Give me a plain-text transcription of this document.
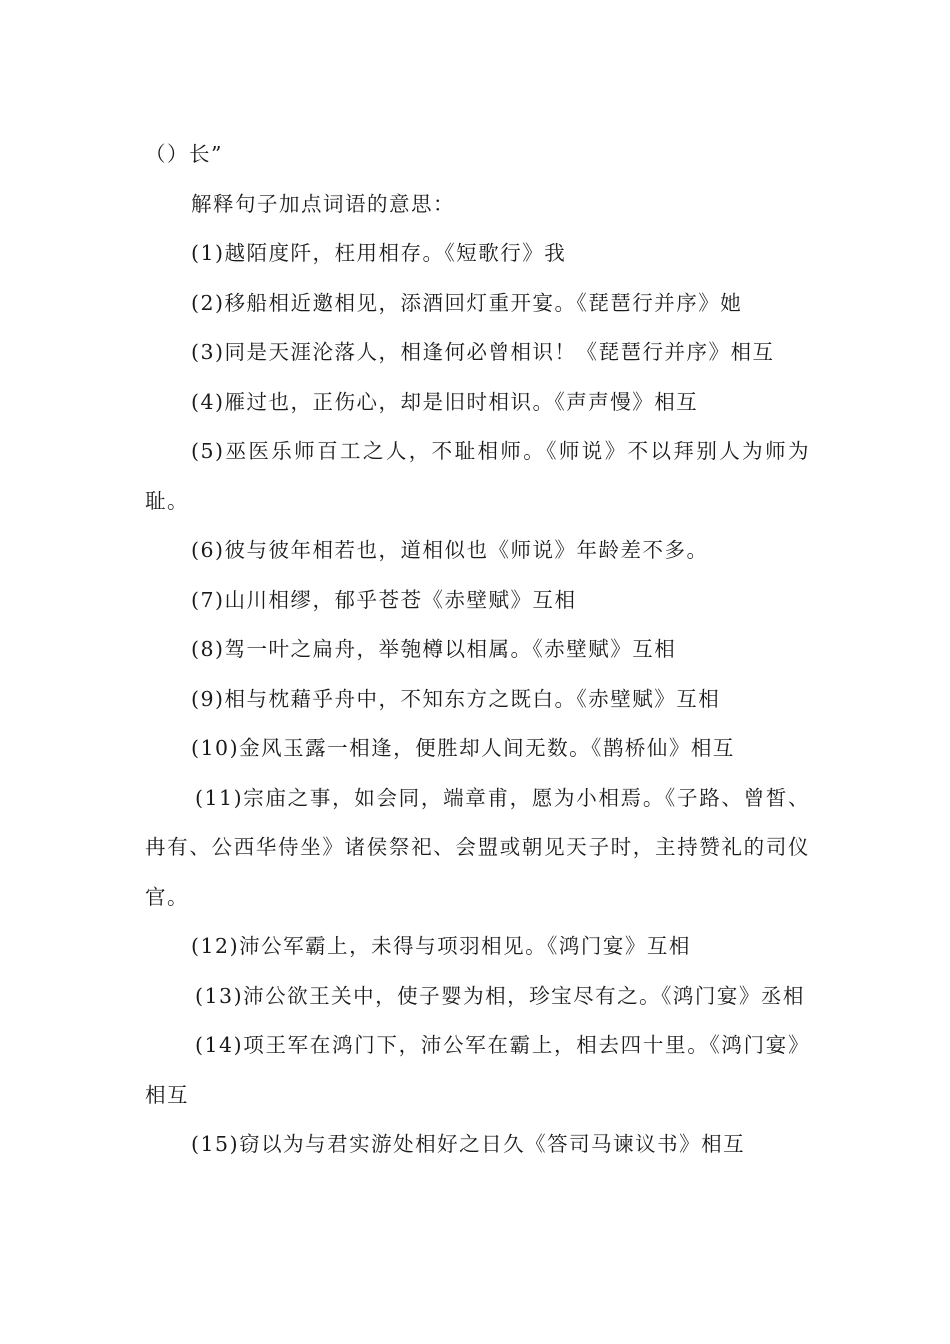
（）长”

解释句子加点词语的意思：

(1)越陌度阡，枉用相存。《短歌行》我

(2)移船相近邀相见，添酒回灯重开宴。《琵琶行并序》她

(3)同是天涯沦落人，相逢何必曾相识！《琵琶行并序》相互

(4)雁过也，正伤心，却是旧时相识。《声声慢》相互

(5)巫医乐师百工之人，不耻相师。《师说》不以拜别人为师为耻。

(6)彼与彼年相若也，道相似也《师说》年龄差不多。

(7)山川相缪，郁乎苍苍《赤壁赋》互相

(8)驾一叶之扁舟，举匏樽以相属。《赤壁赋》互相

(9)相与枕藉乎舟中，不知东方之既白。《赤壁赋》互相

(10)金风玉露一相逢，便胜却人间无数。《鹊桥仙》相互

(11)宗庙之事，如会同，端章甫，愿为小相焉。《子路、曾皙、冉有、公西华侍坐》诸侯祭祀、会盟或朝见天子时，主持赞礼的司仪官。

(12)沛公军霸上，未得与项羽相见。《鸿门宴》互相

(13)沛公欲王关中，使子婴为相，珍宝尽有之。《鸿门宴》丞相

(14)项王军在鸿门下，沛公军在霸上，相去四十里。《鸿门宴》相互

(15)窃以为与君实游处相好之日久《答司马谏议书》相互
